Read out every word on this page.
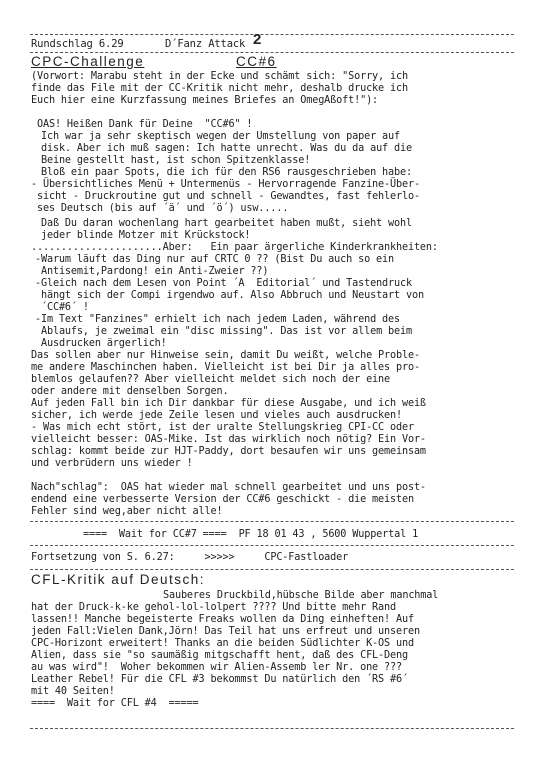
Rundschlag 6.29	D´Fanz Attack 2
CPC-Challenge	CC#6
(Vorwort: Marabu steht in der Ecke und schämt sich: "Sorry, ich
finde das File mit der CC-Kritik nicht mehr, deshalb drucke ich
Euch hier eine Kurzfassung meines Briefes an OmegAßoft!"):
OAS! Heißen Dank für Deine  "CC#6" !
Ich war ja sehr skeptisch wegen der Umstellung von paper auf
disk. Aber ich muß sagen: Ich hatte unrecht. Was du da auf die
Beine gestellt hast, ist schon Spitzenklasse!
Bloß ein paar Spots, die ich für den RS6 rausgeschrieben habe:
- Übersichtliches Menü + Untermenüs - Hervorragende Fanzine-Über-
sicht - Druckroutine gut und schnell - Gewandtes, fast fehlerlo-
ses Deutsch (bis auf ´ä´ und ´ö´) usw.....
Daß Du daran wochenlang hart gearbeitet haben mußt, sieht wohl
jeder blinde Motzer mit Krückstock!
......................Aber:   Ein paar ärgerliche Kinderkrankheiten:
-Warum läuft das Ding nur auf CRTC 0 ?? (Bist Du auch so ein
Antisemit,Pardong! ein Anti-Zweier ??)
-Gleich nach dem Lesen von Point ´A  Editorial´ und Tastendruck
hängt sich der Compi irgendwo auf. Also Abbruch und Neustart von
´CC#6´ !
-Im Text "Fanzines" erhielt ich nach jedem Laden, während des
Ablaufs, je zweimal ein "disc missing". Das ist vor allem beim
Ausdrucken ärgerlich!
Das sollen aber nur Hinweise sein, damit Du weißt, welche Proble-
me andere Maschinchen haben. Vielleicht ist bei Dir ja alles pro-
blemlos gelaufen?? Aber vielleicht meldet sich noch der eine
oder andere mit denselben Sorgen.
Auf jeden Fall bin ich Dir dankbar für diese Ausgabe, und ich weiß
sicher, ich werde jede Zeile lesen und vieles auch ausdrucken!
- Was mich echt stört, ist der uralte Stellungskrieg CPI-CC oder
vielleicht besser: OAS-Mike. Ist das wirklich noch nötig? Ein Vor-
schlag: kommt beide zur HJT-Paddy, dort besaufen wir uns gemeinsam
und verbrüdern uns wieder !
Nach"schlag":  OAS hat wieder mal schnell gearbeitet und uns post-
endend eine verbesserte Version der CC#6 geschickt - die meisten
Fehler sind weg,aber nicht alle!
====  Wait for CC#7 ====  PF 18 01 43 , 5600 Wuppertal 1
Fortsetzung von S. 6.27:     >>>>>     CPC-Fastloader
CFL-Kritik auf Deutsch:
Sauberes Druckbild,hübsche Bilde aber manchmal
hat der Druck-k-ke gehol-lol-lolpert ???? Und bitte mehr Rand
lassen!! Manche begeisterte Freaks wollen da Ding einheften! Auf
jeden Fall:Vielen Dank,Jörn! Das Teil hat uns erfreut und unseren
CPC-Horizont erweitert! Thanks an die beiden Südlichter K-OS und
Alien, dass sie "so saumäßig mitgschafft hent, daß des CFL-Deng
au was wird"!  Woher bekommen wir Alien-Assemb ler Nr. one ???
Leather Rebel! Für die CFL #3 bekommst Du natürlich den ´RS #6´
mit 40 Seiten!
====  Wait for CFL #4  =====
